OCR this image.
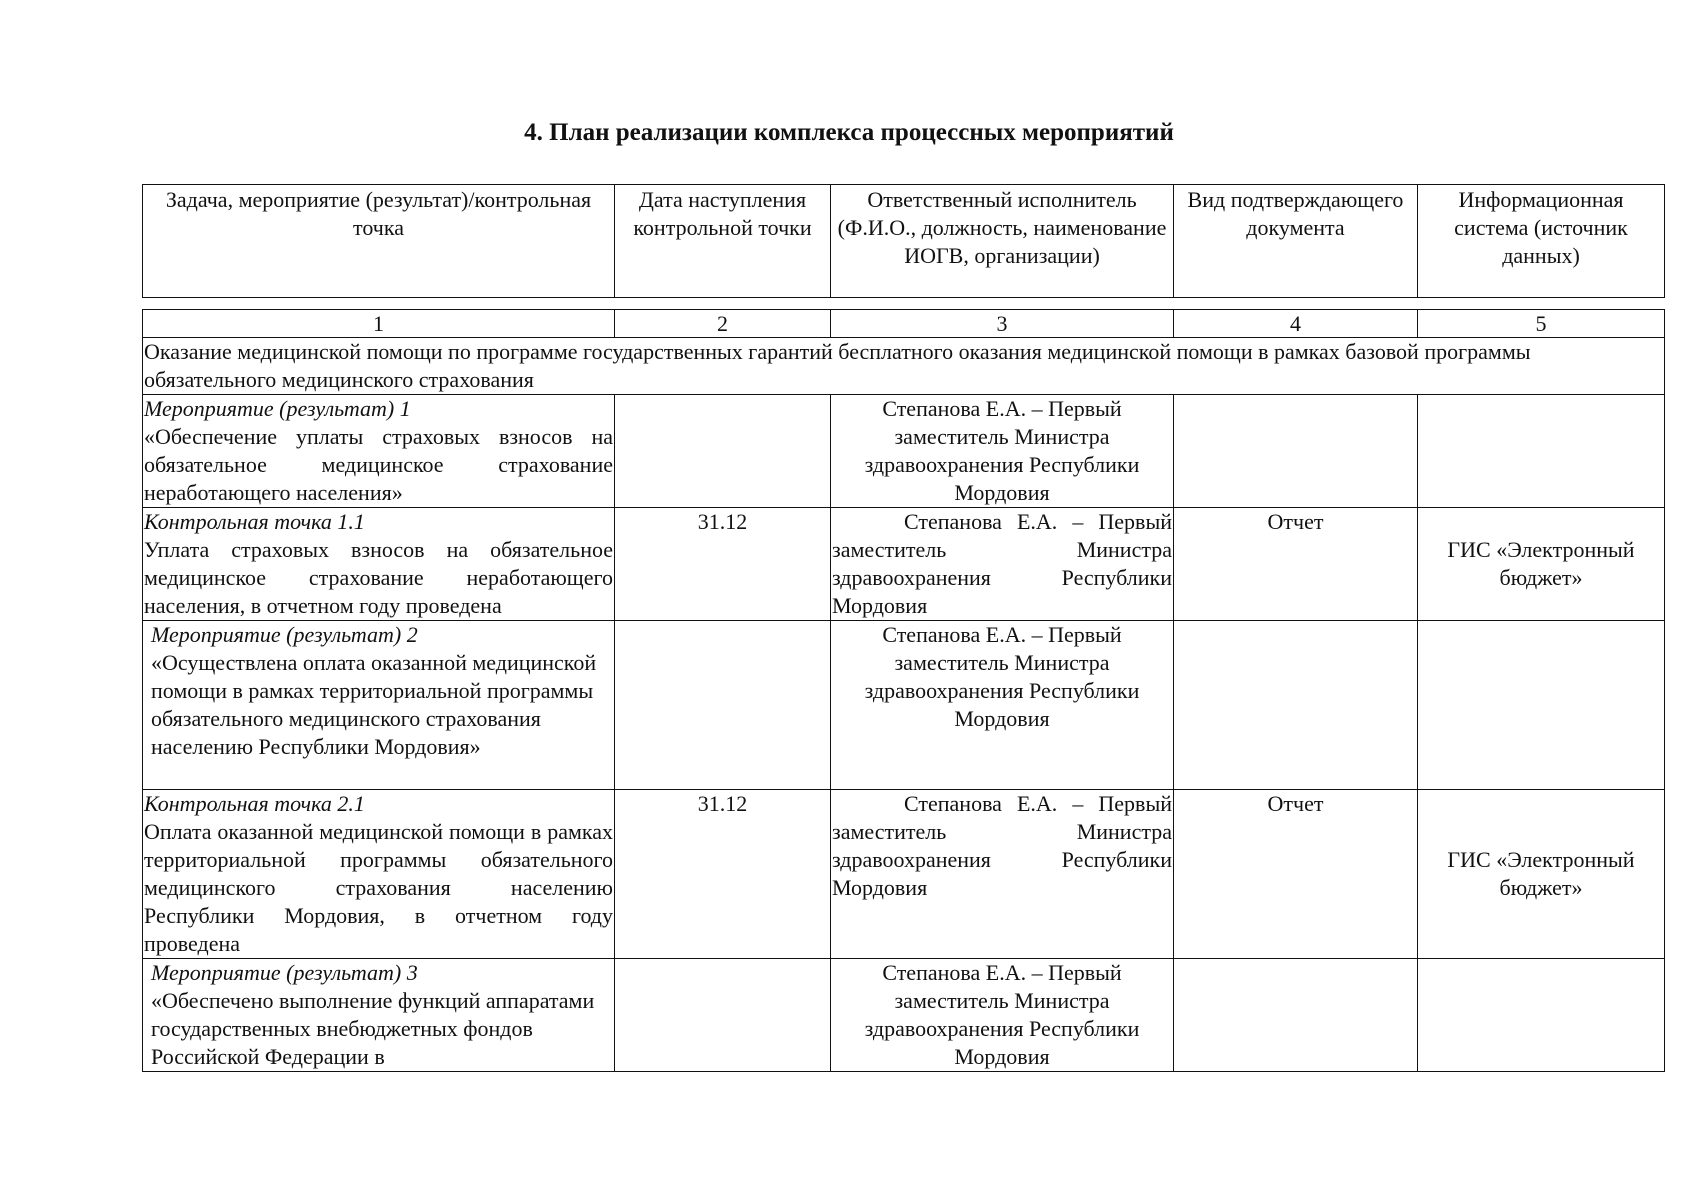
4. План реализации комплекса процессных мероприятий
Задача, мероприятие (результат)/контрольная точка	Дата наступления контрольной точки	Ответственный исполнитель (Ф.И.О., должность, наименование ИОГВ, организации)	Вид подтверждающего документа	Информационная система (источник данных)
1	2	3	4	5
Оказание медицинской помощи по программе государственных гарантий бесплатного оказания медицинской помощи в рамках базовой программы обязательного медицинского страхования				

Мероприятие (результат) 1
«Обеспечение уплаты страховых взносов на обязательное медицинское страхование неработающего населения»		Степанова Е.А. – Первый заместитель Министра здравоохранения Республики Мордовия		

Контрольная точка 1.1
Уплата страховых взносов на обязательное медицинское страхование неработающего населения, в отчетном году проведена	31.12	Степанова Е.А. – Первый заместитель Министра здравоохранения Республики Мордовия	Отчет	ГИС «Электронный бюджет»

Мероприятие (результат) 2
«Осуществлена оплата оказанной медицинской помощи в рамках территориальной программы обязательного медицинского страхования населению Республики Мордовия»		Степанова Е.А. – Первый заместитель Министра здравоохранения Республики Мордовия		

Контрольная точка 2.1
Оплата оказанной медицинской помощи в рамках территориальной программы обязательного медицинского страхования населению Республики Мордовия, в отчетном году проведена	31.12	Степанова Е.А. – Первый заместитель Министра здравоохранения Республики Мордовия	Отчет	ГИС «Электронный бюджет»

Мероприятие (результат) 3
«Обеспечено выполнение функций аппаратами государственных внебюджетных фондов Российской Федерации в		Степанова Е.А. – Первый заместитель Министра здравоохранения Республики Мордовия		
